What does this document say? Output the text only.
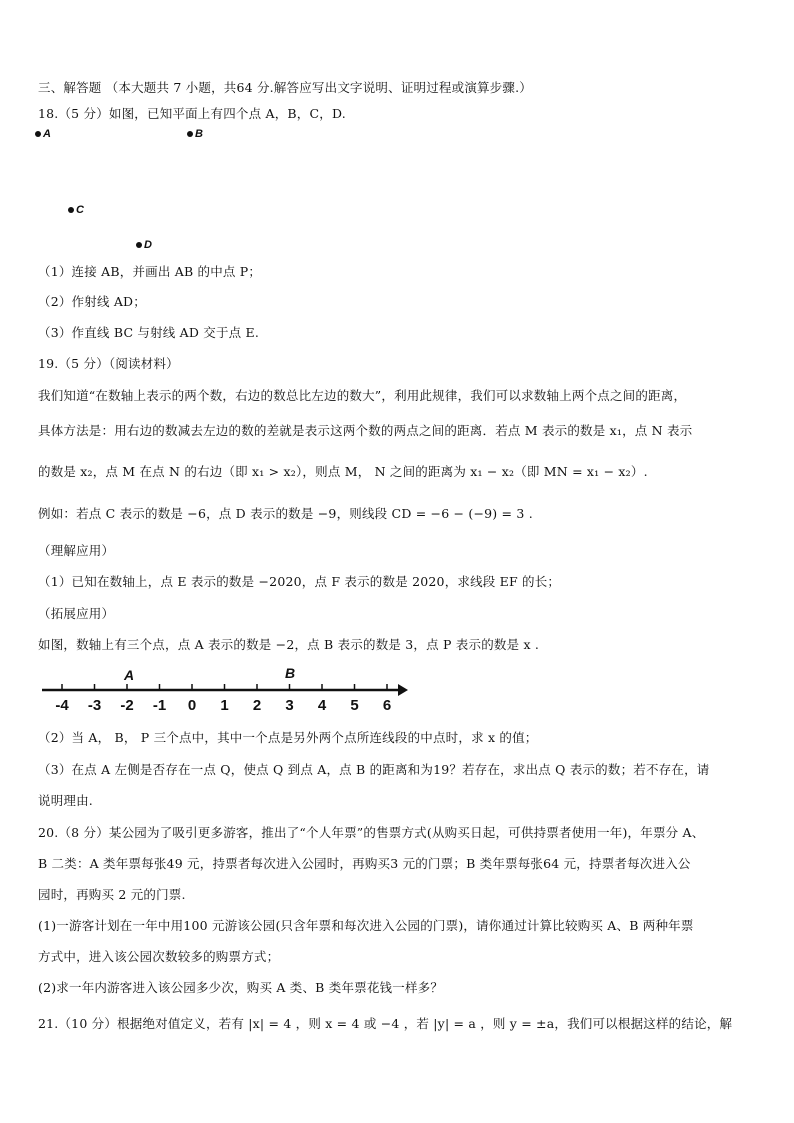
三、解答题 （本大题共 7 小题，共64 分.解答应写出文字说明、证明过程或演算步骤.）
18.（5 分）如图，已知平面上有四个点 A，B，C，D.
A	B
C
D
（1）连接 AB，并画出 AB 的中点 P；
（2）作射线 AD；
（3）作直线 BC 与射线 AD 交于点 E.
19.（5 分）（阅读材料）
我们知道“在数轴上表示的两个数，右边的数总比左边的数大”，利用此规律，我们可以求数轴上两个点之间的距离，
具体方法是：用右边的数减去左边的数的差就是表示这两个数的两点之间的距离．若点 M 表示的数是 x₁，点 N 表示
的数是 x₂，点 M 在点 N 的右边（即 x₁ > x₂），则点 M， N 之间的距离为 x₁ − x₂（即 MN = x₁ − x₂）.
例如：若点 C 表示的数是 −6，点 D 表示的数是 −9，则线段 CD = −6 − (−9) = 3 .
（理解应用）
（1）已知在数轴上，点 E 表示的数是 −2020，点 F 表示的数是 2020，求线段 EF 的长；
（拓展应用）
如图，数轴上有三个点，点 A 表示的数是 −2，点 B 表示的数是 3，点 P 表示的数是 x .
-4 -3 -2 -1 0 1 2 3 4 5 6
A	B
（2）当 A， B， P 三个点中，其中一个点是另外两个点所连线段的中点时，求 x 的值；
（3）在点 A 左侧是否存在一点 Q，使点 Q 到点 A，点 B 的距离和为19？若存在，求出点 Q 表示的数；若不存在，请
说明理由.
20.（8 分）某公园为了吸引更多游客，推出了“个人年票”的售票方式(从购买日起，可供持票者使用一年)，年票分 A、
B 二类：A 类年票每张49 元，持票者每次进入公园时，再购买3 元的门票；B 类年票每张64 元，持票者每次进入公
园时，再购买 2 元的门票.
(1)一游客计划在一年中用100 元游该公园(只含年票和每次进入公园的门票)，请你通过计算比较购买 A、B 两种年票
方式中，进入该公园次数较多的购票方式；
(2)求一年内游客进入该公园多少次，购买 A 类、B 类年票花钱一样多？
21.（10 分）根据绝对值定义，若有 |x| = 4 ，则 x = 4 或 −4 ，若 |y| = a ，则 y = ±a，我们可以根据这样的结论，解
